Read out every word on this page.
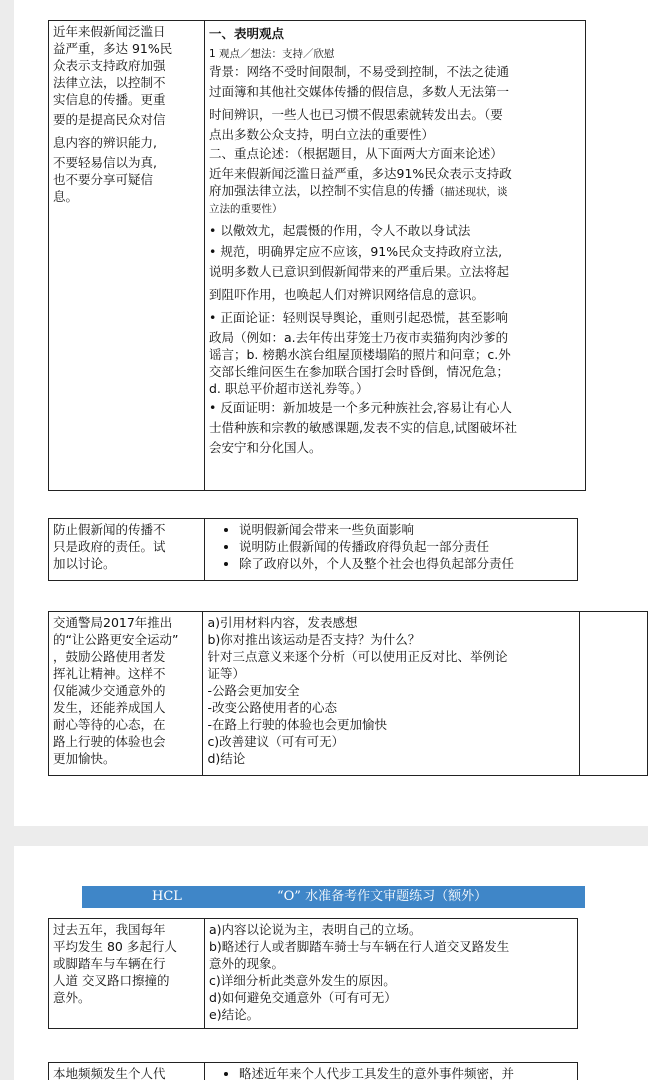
近年来假新闻泛滥日
益严重，多达 91%民
众表示支持政府加强
法律立法，以控制不
实信息的传播。更重
要的是提高民众对信
息内容的辨识能力,
不要轻易信以为真,
也不要分享可疑信
息。

一、表明观点
1 观点／想法：支持／欣慰
背景：网络不受时间限制，不易受到控制，不法之徒通
过面簿和其他社交媒体传播的假信息，多数人无法第一
时间辨识，一些人也已习惯不假思索就转发出去。（要
点出多数公众支持，明白立法的重要性）
二、重点论述：（根据题目，从下面两大方面来论述）
近年来假新闻泛滥日益严重，多达91%民众表示支持政
府加强法律立法，以控制不实信息的传播（描述现状，谈
立法的重要性）
• 以儆效尤，起震慑的作用，令人不敢以身试法
• 规范，明确界定应不应该，91%民众支持政府立法,
说明多数人已意识到假新闻带来的严重后果。立法将起
到阻吓作用，也唤起人们对辨识网络信息的意识。
• 正面论证：轻则误导舆论，重则引起恐慌，甚至影响
政局（例如：a.去年传出芽笼士乃夜市卖猫狗肉沙爹的
谣言；b. 榜鹅水滨台组屋顶楼塌陷的照片和问章；c.外
交部长维问医生在参加联合国打会时昏倒，情况危急；
d. 职总平价超市送礼券等。）
• 反面证明：新加坡是一个多元种族社会,容易让有心人
士借种族和宗教的敏感课题,发表不实的信息,试图破坏社
会安宁和分化国人。
防止假新闻的传播不
只是政府的责任。试
加以讨论。

• 说明假新闻会带来一些负面影响
• 说明防止假新闻的传播政府得负起一部分责任
• 除了政府以外，个人及整个社会也得负起部分责任
交通警局2017年推出
的“让公路更安全运动”
，鼓励公路使用者发
挥礼让精神。这样不
仅能减少交通意外的
发生，还能养成国人
耐心等待的心态，在
路上行驶的体验也会
更加愉快。

a)引用材料内容，发表感想
b)你对推出该运动是否支持？为什么？
针对三点意义来逐个分析（可以使用正反对比、举例论
证等）
-公路会更加安全
-改变公路使用者的心态
-在路上行驶的体验也会更加愉快
c)改善建议（可有可无）
d)结论

HCL	“O” 水准备考作文审题练习（额外）
过去五年，我国每年
平均发生 80 多起行人
或脚踏车与车辆在行
人道 交叉路口擦撞的
意外。

a)内容以论说为主，表明自己的立场。
b)略述行人或者脚踏车骑士与车辆在行人道交叉路发生
意外的现象。
c)详细分析此类意外发生的原因。
d)如何避免交通意外（可有可无）
e)结论。
本地频频发生个人代

•略述近年来个人代步工具发生的意外事件频密，并
